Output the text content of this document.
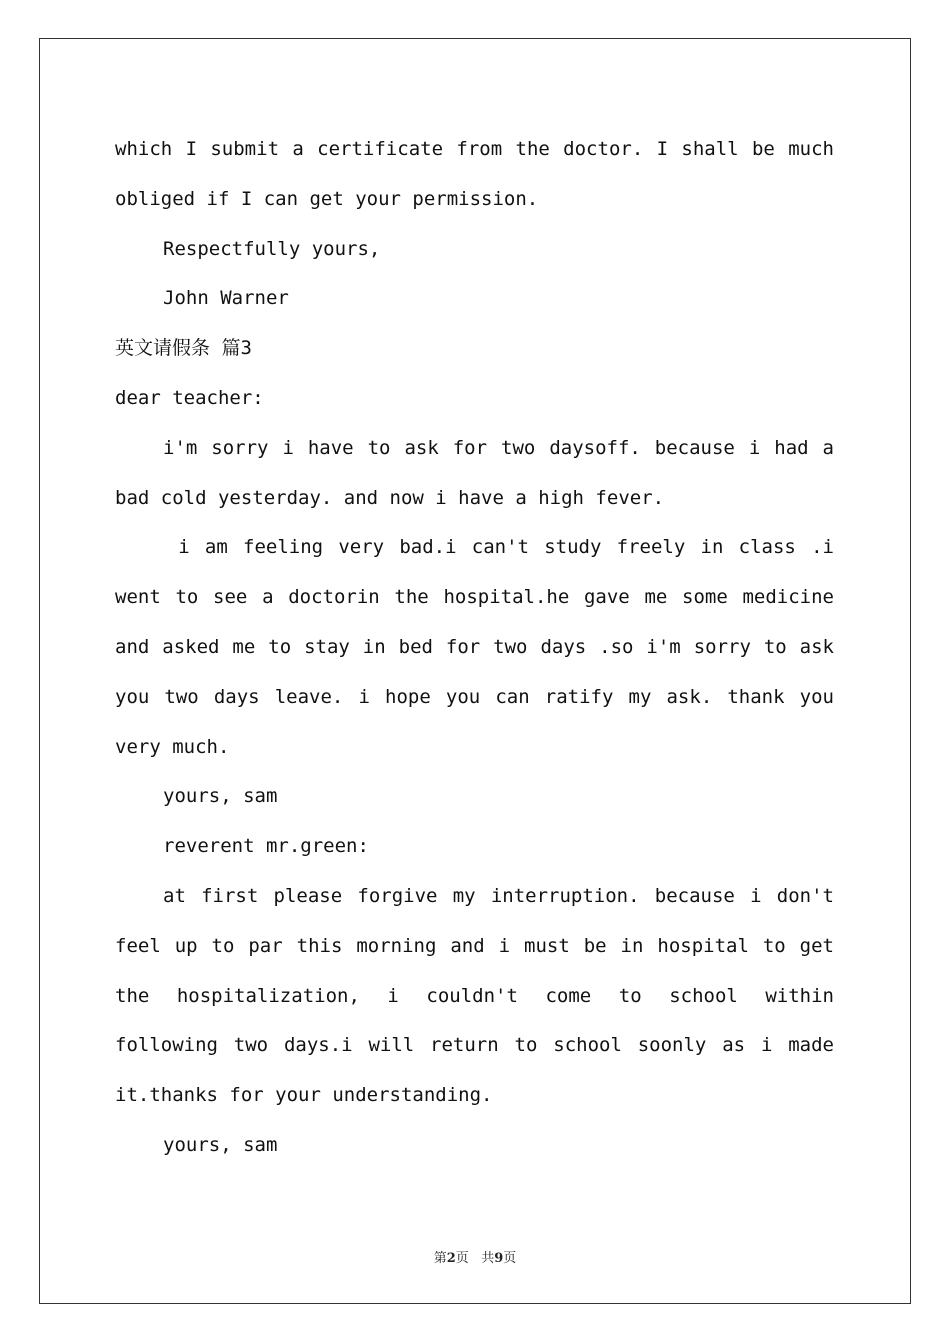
which I submit a certificate from the doctor. I shall be much obliged if I can get your permission.

Respectfully yours,

John Warner

英文请假条 篇3

dear teacher:

i'm sorry i have to ask for two daysoff. because i had a bad cold yesterday. and now i have a high fever.

i am feeling very bad.i can't study freely in class .i went to see a doctorin the hospital.he gave me some medicine and asked me to stay in bed for two days .so i'm sorry to ask you two days leave. i hope you can ratify my ask. thank you very much.

yours, sam

reverent mr.green:

at first please forgive my interruption. because i don't feel up to par this morning and i must be in hospital to get the hospitalization, i couldn't come to school within following two days.i will return to school soonly as i made it.thanks for your understanding.

yours, sam

第2页 共9页
